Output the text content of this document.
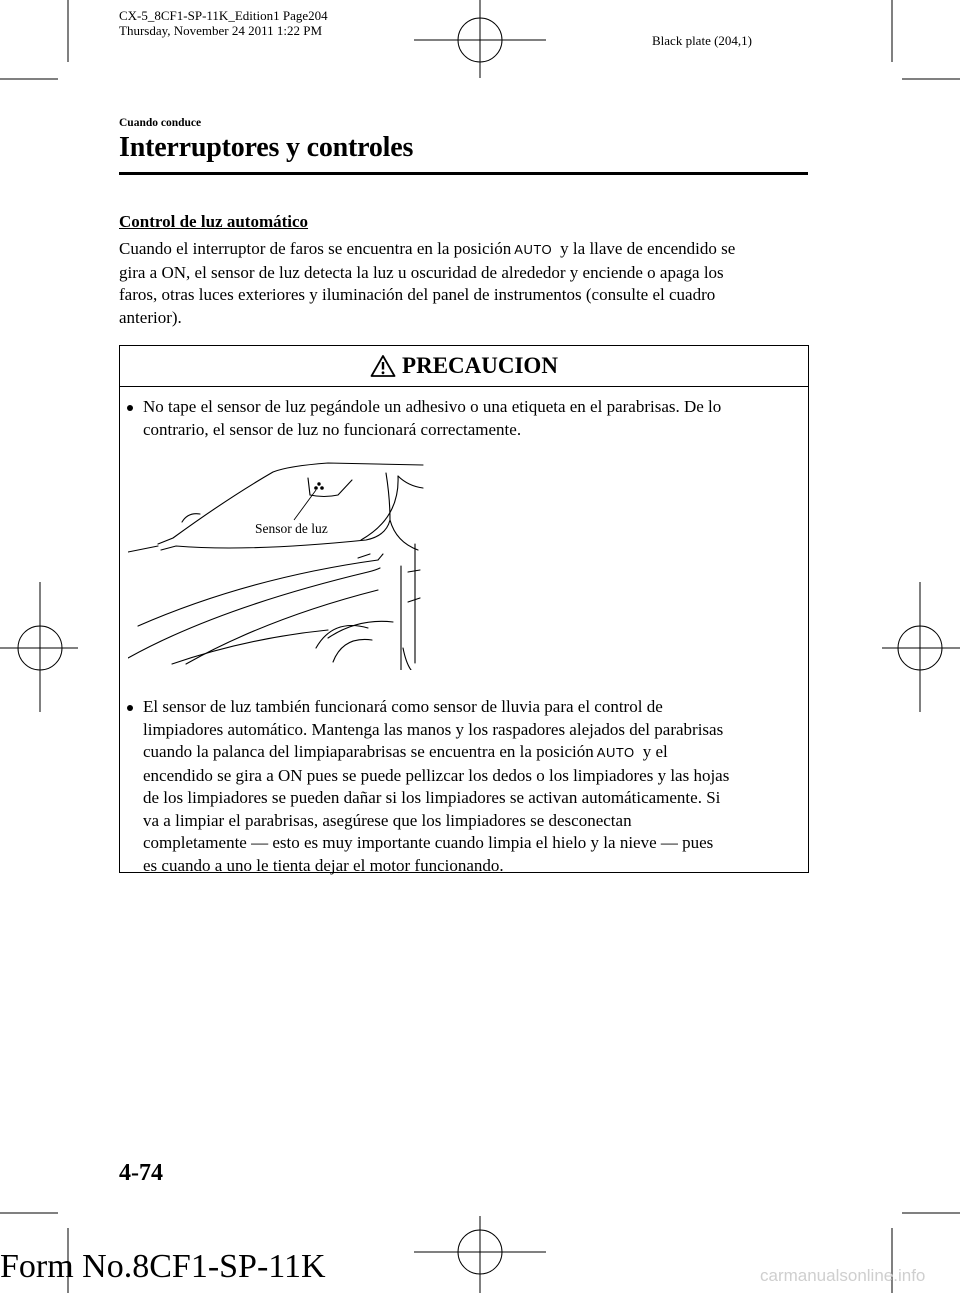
CX-5_8CF1-SP-11K_Edition1 Page204
Thursday, November 24 2011 1:22 PM
Black plate (204,1)
Cuando conduce
Interruptores y controles
Control de luz automático
Cuando el interruptor de faros se encuentra en la posición AUTO y la llave de encendido se
gira a ON, el sensor de luz detecta la luz u oscuridad de alrededor y enciende o apaga los
faros, otras luces exteriores y iluminación del panel de instrumentos (consulte el cuadro
anterior).
PRECAUCION
No tape el sensor de luz pegándole un adhesivo o una etiqueta en el parabrisas. De lo
contrario, el sensor de luz no funcionará correctamente.
Sensor de luz
El sensor de luz también funcionará como sensor de lluvia para el control de
limpiadores automático. Mantenga las manos y los raspadores alejados del parabrisas
cuando la palanca del limpiaparabrisas se encuentra en la posición AUTO y el
encendido se gira a ON pues se puede pellizcar los dedos o los limpiadores y las hojas
de los limpiadores se pueden dañar si los limpiadores se activan automáticamente. Si
va a limpiar el parabrisas, asegúrese que los limpiadores se desconectan
completamente ― esto es muy importante cuando limpia el hielo y la nieve ― pues
es cuando a uno le tienta dejar el motor funcionando.
4-74
Form No.8CF1-SP-11K	carmanualsonline.info
